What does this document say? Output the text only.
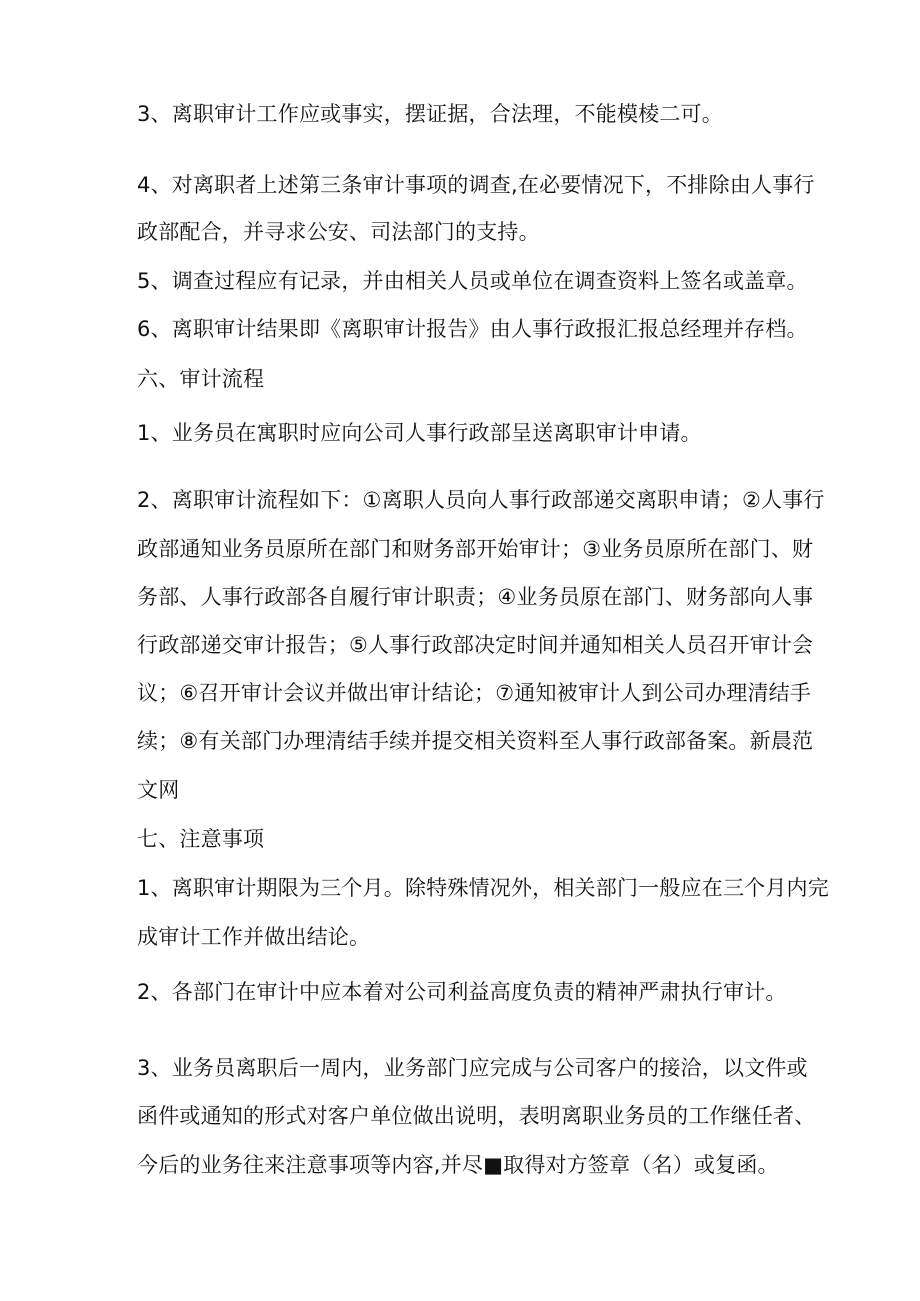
3、离职审计工作应或事实，摆证据，合法理，不能模棱二可。
4、对离职者上述第三条审计事项的调查,在必要情况下，不排除由人事行
政部配合，并寻求公安、司法部门的支持。
5、调查过程应有记录，并由相关人员或单位在调查资料上签名或盖章。
6、离职审计结果即《离职审计报告》由人事行政报汇报总经理并存档。
六、审计流程
1、业务员在寓职时应向公司人事行政部呈送离职审计申请。
2、离职审计流程如下：①离职人员向人事行政部递交离职申请；②人事行
政部通知业务员原所在部门和财务部开始审计；③业务员原所在部门、财
务部、人事行政部各自履行审计职责；④业务员原在部门、财务部向人事
行政部递交审计报告；⑤人事行政部决定时间并通知相关人员召开审计会
议；⑥召开审计会议并做出审计结论；⑦通知被审计人到公司办理清结手
续；⑧有关部门办理清结手续并提交相关资料至人事行政部备案。新晨范
文网
七、注意事项
1、离职审计期限为三个月。除特殊情况外，相关部门一般应在三个月内完
成审计工作并做出结论。
2、各部门在审计中应本着对公司利益高度负责的精神严肃执行审计。
3、业务员离职后一周内，业务部门应完成与公司客户的接洽，以文件或
函件或通知的形式对客户单位做出说明，表明离职业务员的工作继任者、
今后的业务往来注意事项等内容,并尽■取得对方签章（名）或复函。
